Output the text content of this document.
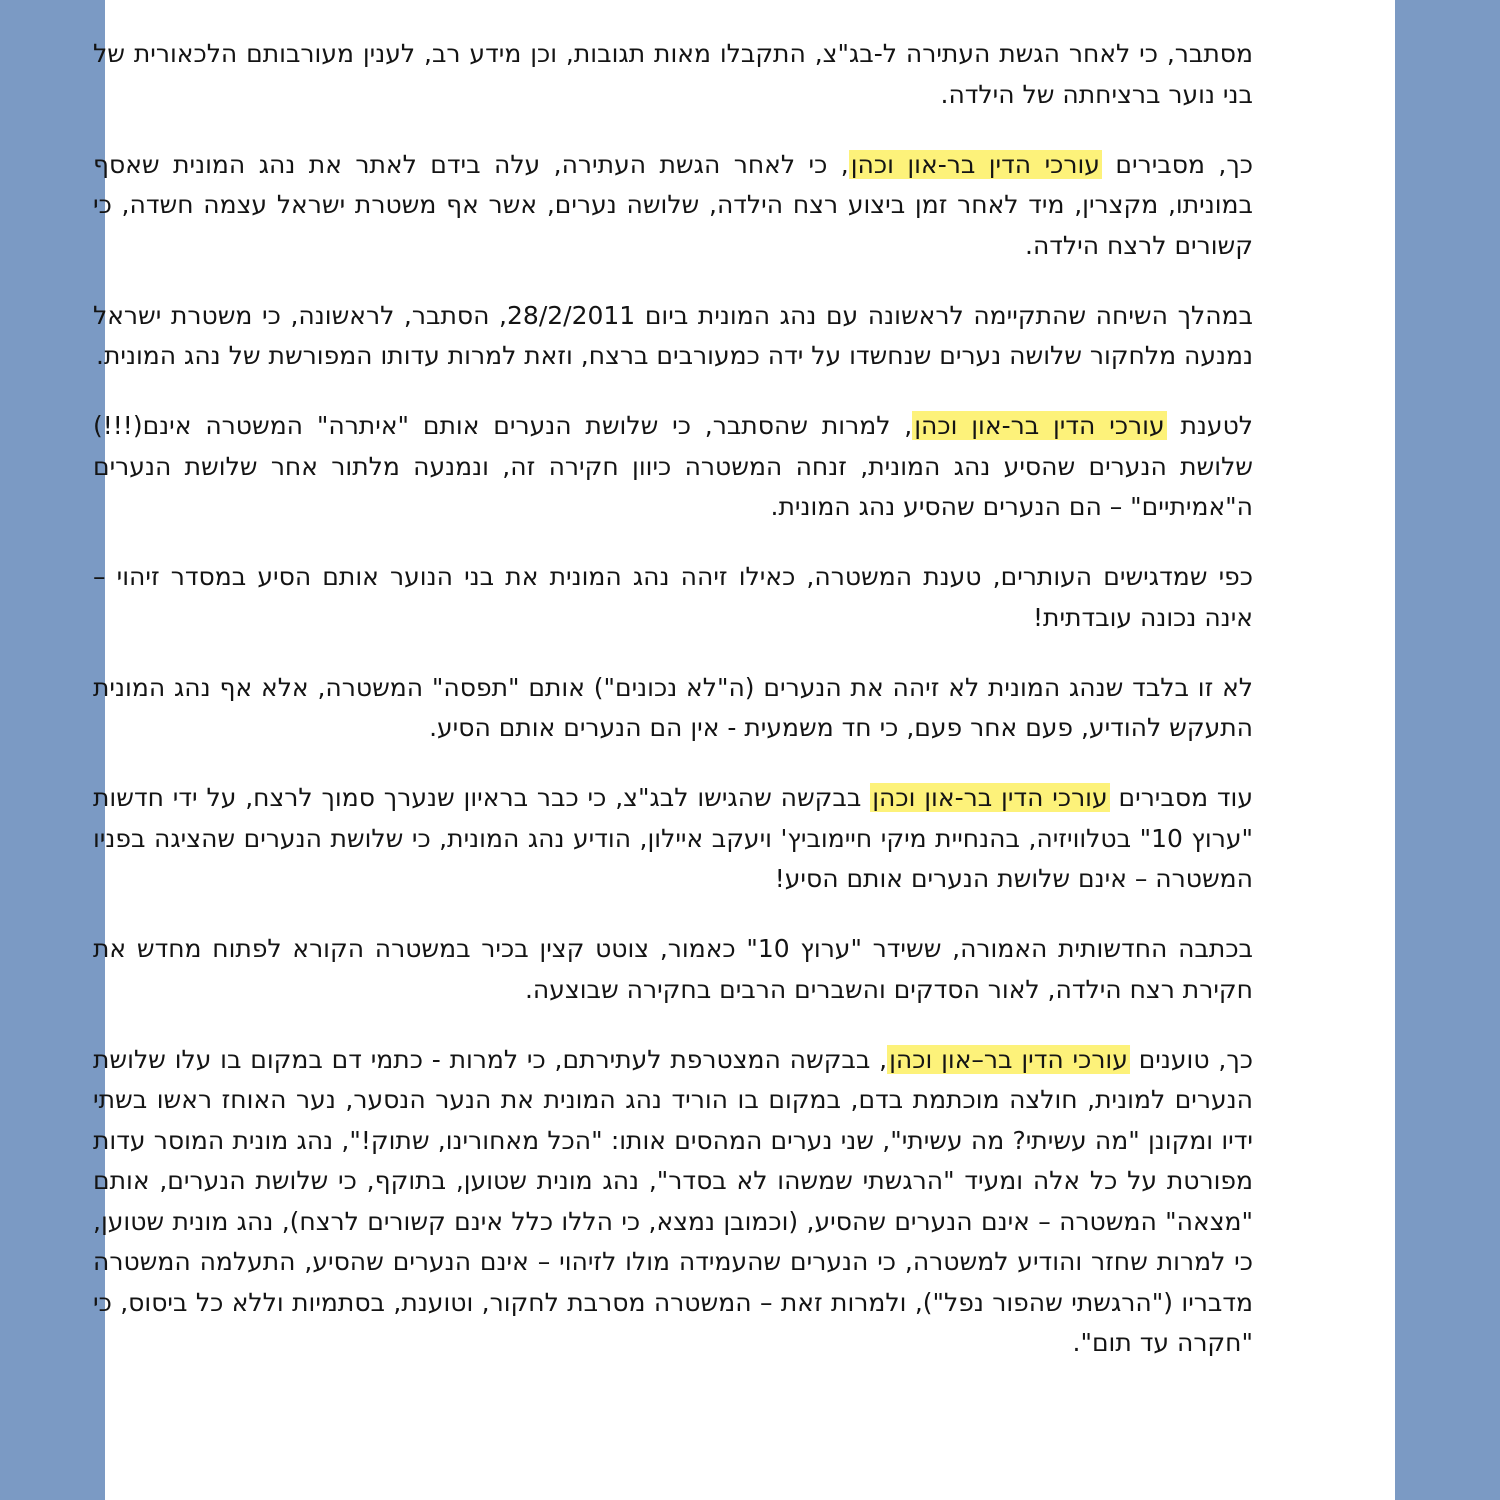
מסתבר, כי לאחר הגשת העתירה ל-בג"צ, התקבלו מאות תגובות, וכן מידע רב, לענין מעורבותם הלכאורית של בני נוער ברציחתה של הילדה.

כך, מסבירים עורכי הדין בר-און וכהן, כי לאחר הגשת העתירה, עלה בידם לאתר את נהג המונית שאסף במוניתו, מקצרין, מיד לאחר זמן ביצוע רצח הילדה, שלושה נערים, אשר אף משטרת ישראל עצמה חשדה, כי קשורים לרצח הילדה.

במהלך השיחה שהתקיימה לראשונה עם נהג המונית ביום 28/2/2011, הסתבר, לראשונה, כי משטרת ישראל נמנעה מלחקור שלושה נערים שנחשדו על ידה כמעורבים ברצח, וזאת למרות עדותו המפורשת של נהג המונית.

לטענת עורכי הדין בר-און וכהן, למרות שהסתבר, כי שלושת הנערים אותם "איתרה" המשטרה אינם(!!!) שלושת הנערים שהסיע נהג המונית, זנחה המשטרה כיוון חקירה זה, ונמנעה מלתור אחר שלושת הנערים ה"אמיתיים" – הם הנערים שהסיע נהג המונית.

כפי שמדגישים העותרים, טענת המשטרה, כאילו זיהה נהג המונית את בני הנוער אותם הסיע במסדר זיהוי – אינה נכונה עובדתית!

לא זו בלבד שנהג המונית לא זיהה את הנערים (ה"לא נכונים") אותם "תפסה" המשטרה, אלא אף נהג המונית התעקש להודיע, פעם אחר פעם, כי חד משמעית - אין הם הנערים אותם הסיע.

עוד מסבירים עורכי הדין בר-און וכהן בבקשה שהגישו לבג"צ, כי כבר בראיון שנערך סמוך לרצח, על ידי חדשות "ערוץ 10" בטלוויזיה, בהנחיית מיקי חיימוביץ' ויעקב איילון, הודיע נהג המונית, כי שלושת הנערים שהציגה בפניו המשטרה – אינם שלושת הנערים אותם הסיע!

בכתבה החדשותית האמורה, ששידר "ערוץ 10" כאמור, צוטט קצין בכיר במשטרה הקורא לפתוח מחדש את חקירת רצח הילדה, לאור הסדקים והשברים הרבים בחקירה שבוצעה.

כך, טוענים עורכי הדין בר–און וכהן, בבקשה המצטרפת לעתירתם, כי למרות - כתמי דם במקום בו עלו שלושת הנערים למונית, חולצה מוכתמת בדם, במקום בו הוריד נהג המונית את הנער הנסער, נער האוחז ראשו בשתי ידיו ומקונן "מה עשיתי? מה עשיתי", שני נערים המהסים אותו: "הכל מאחורינו, שתוק!", נהג מונית המוסר עדות מפורטת על כל אלה ומעיד "הרגשתי שמשהו לא בסדר", נהג מונית שטוען, בתוקף, כי שלושת הנערים, אותם "מצאה" המשטרה – אינם הנערים שהסיע, (וכמובן נמצא, כי הללו כלל אינם קשורים לרצח), נהג מונית שטוען, כי למרות שחזר והודיע למשטרה, כי הנערים שהעמידה מולו לזיהוי – אינם הנערים שהסיע, התעלמה המשטרה מדבריו ("הרגשתי שהפור נפל"), ולמרות זאת – המשטרה מסרבת לחקור, וטוענת, בסתמיות וללא כל ביסוס, כי "חקרה עד תום".
